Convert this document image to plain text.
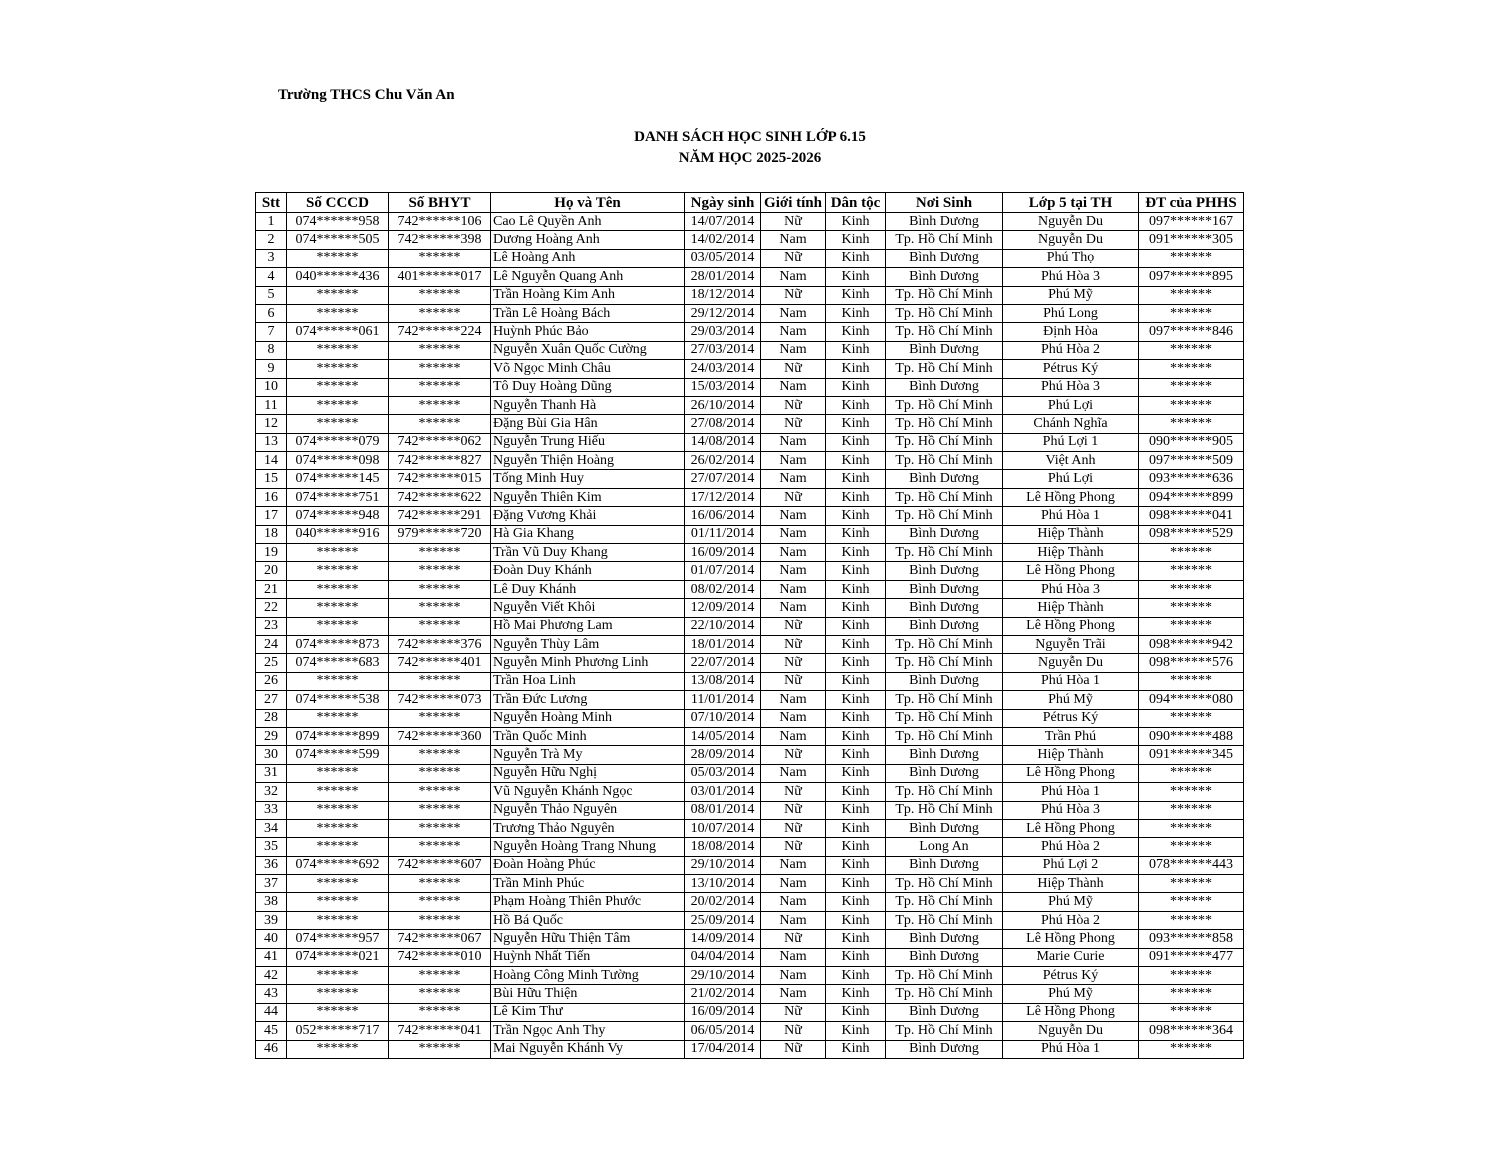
Trường THCS Chu Văn An
DANH SÁCH HỌC SINH LỚP 6.15
NĂM HỌC 2025-2026
Stt	Số CCCD	Số BHYT	Họ và Tên	Ngày sinh	Giới tính	Dân tộc	Nơi Sinh	Lớp 5 tại TH	ĐT của PHHS
1	074******958	742******106	Cao Lê Quyền Anh	14/07/2014	Nữ	Kinh	Bình Dương	Nguyễn Du	097******167
2	074******505	742******398	Dương Hoàng Anh	14/02/2014	Nam	Kinh	Tp. Hồ Chí Minh	Nguyễn Du	091******305
3	******	******	Lê Hoàng Anh	03/05/2014	Nữ	Kinh	Bình Dương	Phú Thọ	******
4	040******436	401******017	Lê Nguyễn Quang Anh	28/01/2014	Nam	Kinh	Bình Dương	Phú Hòa 3	097******895
5	******	******	Trần Hoàng Kim Anh	18/12/2014	Nữ	Kinh	Tp. Hồ Chí Minh	Phú Mỹ	******
6	******	******	Trần Lê Hoàng Bách	29/12/2014	Nam	Kinh	Tp. Hồ Chí Minh	Phú Long	******
7	074******061	742******224	Huỳnh Phúc Bảo	29/03/2014	Nam	Kinh	Tp. Hồ Chí Minh	Định Hòa	097******846
8	******	******	Nguyễn Xuân Quốc Cường	27/03/2014	Nam	Kinh	Bình Dương	Phú Hòa 2	******
9	******	******	Võ Ngọc Minh Châu	24/03/2014	Nữ	Kinh	Tp. Hồ Chí Minh	Pétrus Ký	******
10	******	******	Tô Duy Hoàng Dũng	15/03/2014	Nam	Kinh	Bình Dương	Phú Hòa 3	******
11	******	******	Nguyễn Thanh Hà	26/10/2014	Nữ	Kinh	Tp. Hồ Chí Minh	Phú Lợi	******
12	******	******	Đặng Bùi Gia Hân	27/08/2014	Nữ	Kinh	Tp. Hồ Chí Minh	Chánh Nghĩa	******
13	074******079	742******062	Nguyễn Trung Hiếu	14/08/2014	Nam	Kinh	Tp. Hồ Chí Minh	Phú Lợi 1	090******905
14	074******098	742******827	Nguyễn Thiện Hoàng	26/02/2014	Nam	Kinh	Tp. Hồ Chí Minh	Việt Anh	097******509
15	074******145	742******015	Tống Minh Huy	27/07/2014	Nam	Kinh	Bình Dương	Phú Lợi	093******636
16	074******751	742******622	Nguyễn Thiên Kim	17/12/2014	Nữ	Kinh	Tp. Hồ Chí Minh	Lê Hồng Phong	094******899
17	074******948	742******291	Đặng Vương Khải	16/06/2014	Nam	Kinh	Tp. Hồ Chí Minh	Phú Hòa 1	098******041
18	040******916	979******720	Hà Gia Khang	01/11/2014	Nam	Kinh	Bình Dương	Hiệp Thành	098******529
19	******	******	Trần Vũ Duy Khang	16/09/2014	Nam	Kinh	Tp. Hồ Chí Minh	Hiệp Thành	******
20	******	******	Đoàn Duy Khánh	01/07/2014	Nam	Kinh	Bình Dương	Lê Hồng Phong	******
21	******	******	Lê Duy Khánh	08/02/2014	Nam	Kinh	Bình Dương	Phú Hòa 3	******
22	******	******	Nguyễn Viết Khôi	12/09/2014	Nam	Kinh	Bình Dương	Hiệp Thành	******
23	******	******	Hồ Mai Phương Lam	22/10/2014	Nữ	Kinh	Bình Dương	Lê Hồng Phong	******
24	074******873	742******376	Nguyễn Thùy Lâm	18/01/2014	Nữ	Kinh	Tp. Hồ Chí Minh	Nguyễn Trãi	098******942
25	074******683	742******401	Nguyễn Minh Phương Linh	22/07/2014	Nữ	Kinh	Tp. Hồ Chí Minh	Nguyễn Du	098******576
26	******	******	Trần Hoa Linh	13/08/2014	Nữ	Kinh	Bình Dương	Phú Hòa 1	******
27	074******538	742******073	Trần Đức Lương	11/01/2014	Nam	Kinh	Tp. Hồ Chí Minh	Phú Mỹ	094******080
28	******	******	Nguyễn Hoàng Minh	07/10/2014	Nam	Kinh	Tp. Hồ Chí Minh	Pétrus Ký	******
29	074******899	742******360	Trần Quốc Minh	14/05/2014	Nam	Kinh	Tp. Hồ Chí Minh	Trần Phú	090******488
30	074******599	******	Nguyễn Trà My	28/09/2014	Nữ	Kinh	Bình Dương	Hiệp Thành	091******345
31	******	******	Nguyễn Hữu Nghị	05/03/2014	Nam	Kinh	Bình Dương	Lê Hồng Phong	******
32	******	******	Vũ Nguyễn Khánh Ngọc	03/01/2014	Nữ	Kinh	Tp. Hồ Chí Minh	Phú Hòa 1	******
33	******	******	Nguyễn Thảo Nguyên	08/01/2014	Nữ	Kinh	Tp. Hồ Chí Minh	Phú Hòa 3	******
34	******	******	Trương Thảo Nguyên	10/07/2014	Nữ	Kinh	Bình Dương	Lê Hồng Phong	******
35	******	******	Nguyễn Hoàng Trang Nhung	18/08/2014	Nữ	Kinh	Long An	Phú Hòa 2	******
36	074******692	742******607	Đoàn Hoàng Phúc	29/10/2014	Nam	Kinh	Bình Dương	Phú Lợi 2	078******443
37	******	******	Trần Minh Phúc	13/10/2014	Nam	Kinh	Tp. Hồ Chí Minh	Hiệp Thành	******
38	******	******	Phạm Hoàng Thiên Phước	20/02/2014	Nam	Kinh	Tp. Hồ Chí Minh	Phú Mỹ	******
39	******	******	Hồ Bá Quốc	25/09/2014	Nam	Kinh	Tp. Hồ Chí Minh	Phú Hòa 2	******
40	074******957	742******067	Nguyễn Hữu Thiện Tâm	14/09/2014	Nữ	Kinh	Bình Dương	Lê Hồng Phong	093******858
41	074******021	742******010	Huỳnh Nhất Tiến	04/04/2014	Nam	Kinh	Bình Dương	Marie Curie	091******477
42	******	******	Hoàng Công Minh Tường	29/10/2014	Nam	Kinh	Tp. Hồ Chí Minh	Pétrus Ký	******
43	******	******	Bùi Hữu Thiện	21/02/2014	Nam	Kinh	Tp. Hồ Chí Minh	Phú Mỹ	******
44	******	******	Lê Kim Thư	16/09/2014	Nữ	Kinh	Bình Dương	Lê Hồng Phong	******
45	052******717	742******041	Trần Ngọc Anh Thy	06/05/2014	Nữ	Kinh	Tp. Hồ Chí Minh	Nguyễn Du	098******364
46	******	******	Mai Nguyễn Khánh Vy	17/04/2014	Nữ	Kinh	Bình Dương	Phú Hòa 1	******
